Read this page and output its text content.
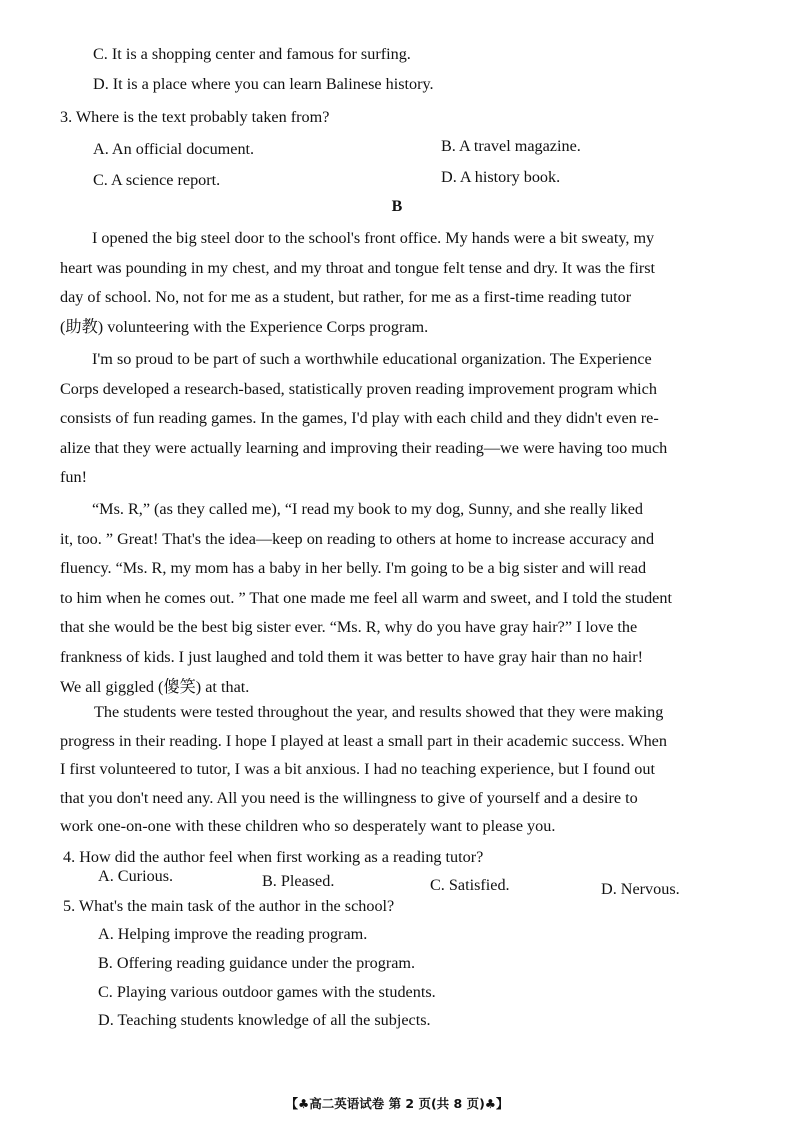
C. It is a shopping center and famous for surfing.
D. It is a place where you can learn Balinese history.
3. Where is the text probably taken from?
A. An official document.	B. A travel magazine.
C. A science report.	D. A history book.
B
I opened the big steel door to the school's front office. My hands were a bit sweaty, my
heart was pounding in my chest, and my throat and tongue felt tense and dry. It was the first
day of school. No, not for me as a student, but rather, for me as a first-time reading tutor
(助教) volunteering with the Experience Corps program.
I'm so proud to be part of such a worthwhile educational organization. The Experience
Corps developed a research-based, statistically proven reading improvement program which
consists of fun reading games. In the games, I'd play with each child and they didn't even re-
alize that they were actually learning and improving their reading—we were having too much
fun!
“Ms. R,” (as they called me), “I read my book to my dog, Sunny, and she really liked
it, too. ” Great! That's the idea—keep on reading to others at home to increase accuracy and
fluency. “Ms. R, my mom has a baby in her belly. I'm going to be a big sister and will read
to him when he comes out. ” That one made me feel all warm and sweet, and I told the student
that she would be the best big sister ever. “Ms. R, why do you have gray hair?” I love the
frankness of kids. I just laughed and told them it was better to have gray hair than no hair!
We all giggled (傻笑) at that.
The students were tested throughout the year, and results showed that they were making
progress in their reading. I hope I played at least a small part in their academic success. When
I first volunteered to tutor, I was a bit anxious. I had no teaching experience, but I found out
that you don't need any. All you need is the willingness to give of yourself and a desire to
work one-on-one with these children who so desperately want to please you.
4. How did the author feel when first working as a reading tutor?
A. Curious.	B. Pleased.	C. Satisfied.	D. Nervous.
5. What's the main task of the author in the school?
A. Helping improve the reading program.
B. Offering reading guidance under the program.
C. Playing various outdoor games with the students.
D. Teaching students knowledge of all the subjects.
【♣高二英语试卷 第 2 页(共 8 页)♣】
